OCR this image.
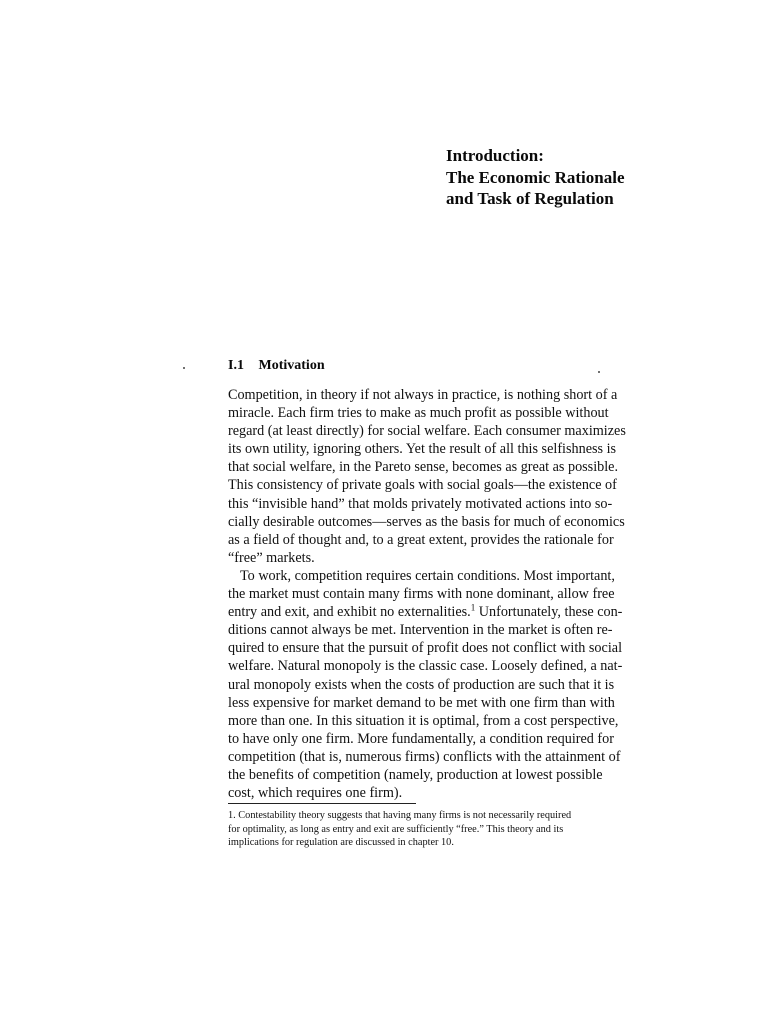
Introduction:
The Economic Rationale
and Task of Regulation
I.1 Motivation
Competition, in theory if not always in practice, is nothing short of a
miracle. Each firm tries to make as much profit as possible without
regard (at least directly) for social welfare. Each consumer maximizes
its own utility, ignoring others. Yet the result of all this selfishness is
that social welfare, in the Pareto sense, becomes as great as possible.
This consistency of private goals with social goals—the existence of
this “invisible hand” that molds privately motivated actions into so-
cially desirable outcomes—serves as the basis for much of economics
as a field of thought and, to a great extent, provides the rationale for
“free” markets.
To work, competition requires certain conditions. Most important,
the market must contain many firms with none dominant, allow free
entry and exit, and exhibit no externalities.$^1$ Unfortunately, these con-
ditions cannot always be met. Intervention in the market is often re-
quired to ensure that the pursuit of profit does not conflict with social
welfare. Natural monopoly is the classic case. Loosely defined, a nat-
ural monopoly exists when the costs of production are such that it is
less expensive for market demand to be met with one firm than with
more than one. In this situation it is optimal, from a cost perspective,
to have only one firm. More fundamentally, a condition required for
competition (that is, numerous firms) conflicts with the attainment of
the benefits of competition (namely, production at lowest possible
cost, which requires one firm).
1. Contestability theory suggests that having many firms is not necessarily required
for optimality, as long as entry and exit are sufficiently “free.” This theory and its
implications for regulation are discussed in chapter 10.
